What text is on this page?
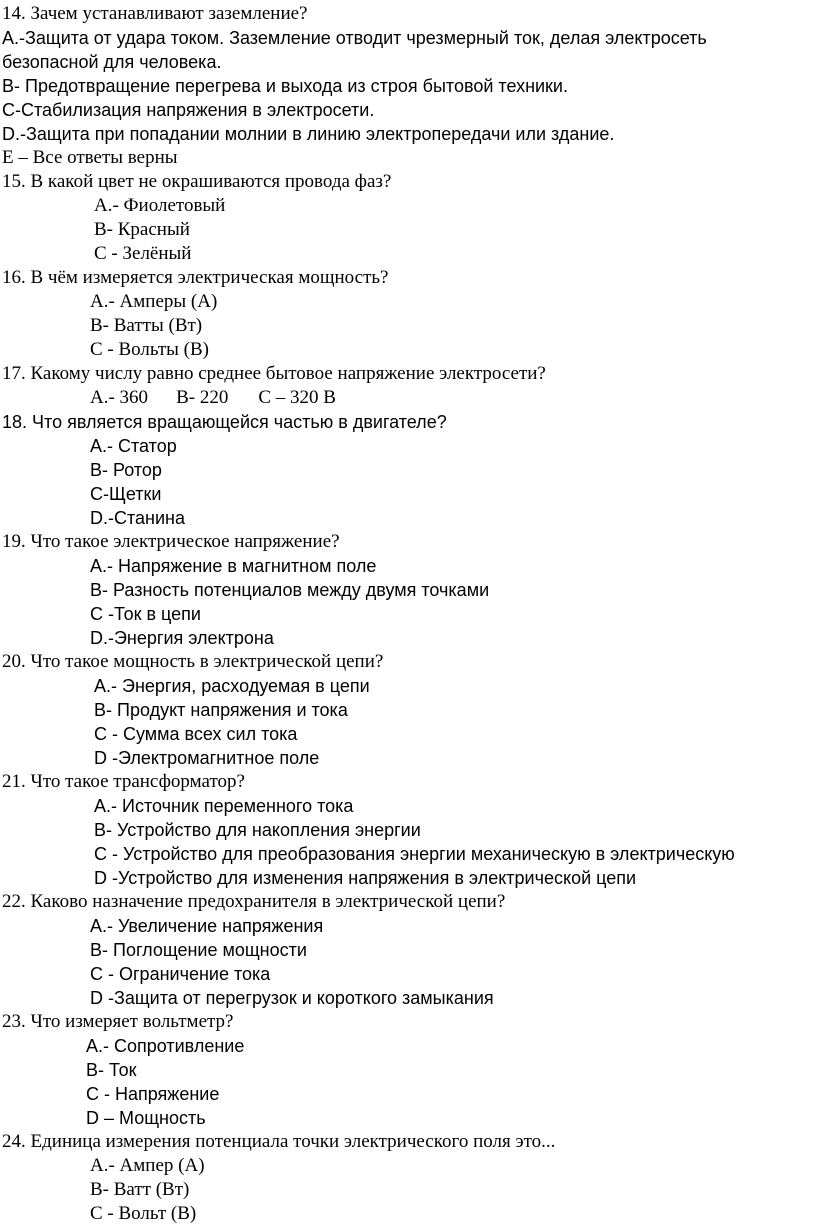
14. Зачем устанавливают заземление?
A.-Защита от удара током. Заземление отводит чрезмерный ток, делая электросеть
безопасной для человека.
B- Предотвращение перегрева и выхода из строя бытовой техники.
C-Стабилизация напряжения в электросети.
D.-Защита при попадании молнии в линию электропередачи или здание.
E – Все ответы верны
15. В какой цвет не окрашиваются провода фаз?
A.- Фиолетовый
B- Красный
C - Зелёный
16. В чём измеряется электрическая мощность?
A.- Амперы (A)
B- Ватты (Вт)
C - Вольты (В)
17. Какому числу равно среднее бытовое напряжение электросети?
A.- 360 B- 220 C – 320 В
18. Что является вращающейся частью в двигателе?
A.- Статор
B- Ротор
C-Щетки
D.-Станина
19. Что такое электрическое напряжение?
A.- Напряжение в магнитном поле
B- Разность потенциалов между двумя точками
C -Ток в цепи
D.-Энергия электрона
20. Что такое мощность в электрической цепи?
A.- Энергия, расходуемая в цепи
B- Продукт напряжения и тока
C - Сумма всех сил тока
D -Электромагнитное поле
21. Что такое трансформатор?
A.- Источник переменного тока
B- Устройство для накопления энергии
C - Устройство для преобразования энергии механическую в электрическую
D -Устройство для изменения напряжения в электрической цепи
22. Каково назначение предохранителя в электрической цепи?
A.- Увеличение напряжения
B- Поглощение мощности
C - Ограничение тока
D -Защита от перегрузок и короткого замыкания
23. Что измеряет вольтметр?
A.- Сопротивление
B- Ток
C - Напряжение
D – Мощность
24. Единица измерения потенциала точки электрического поля это...
A.- Ампер (A)
B- Ватт (Вт)
C - Вольт (В)
